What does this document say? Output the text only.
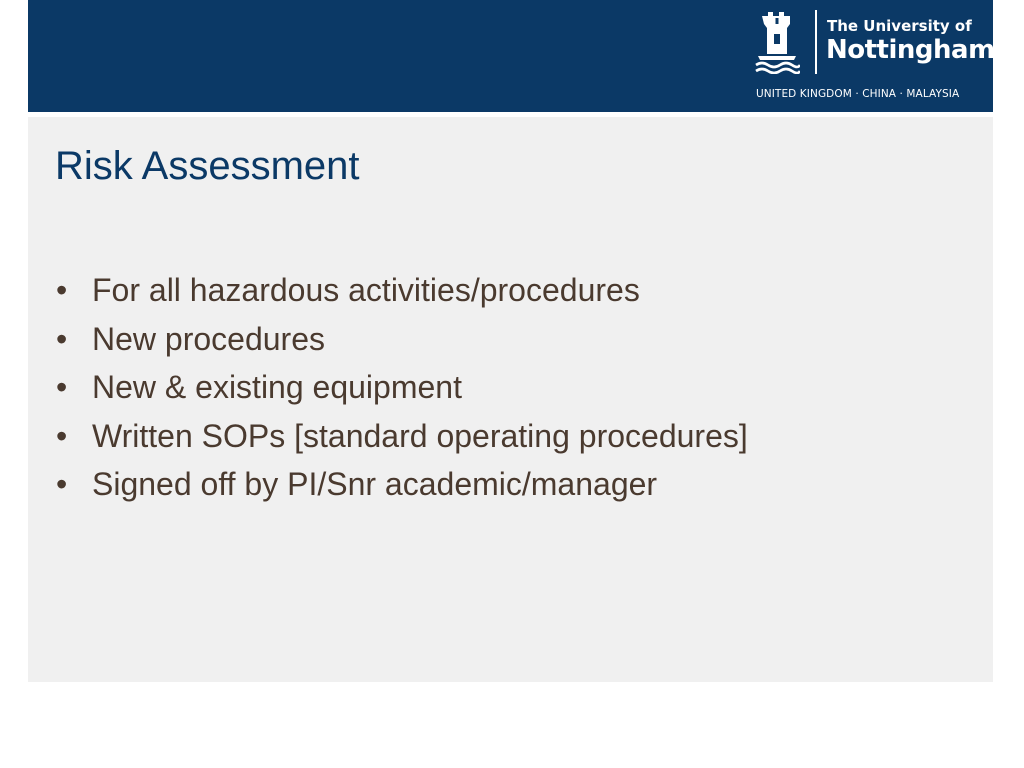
The University of
Nottingham
UNITED KINGDOM · CHINA · MALAYSIA
Risk Assessment
• For all hazardous activities/procedures
• New procedures
• New & existing equipment
• Written SOPs [standard operating procedures]
• Signed off by PI/Snr academic/manager
